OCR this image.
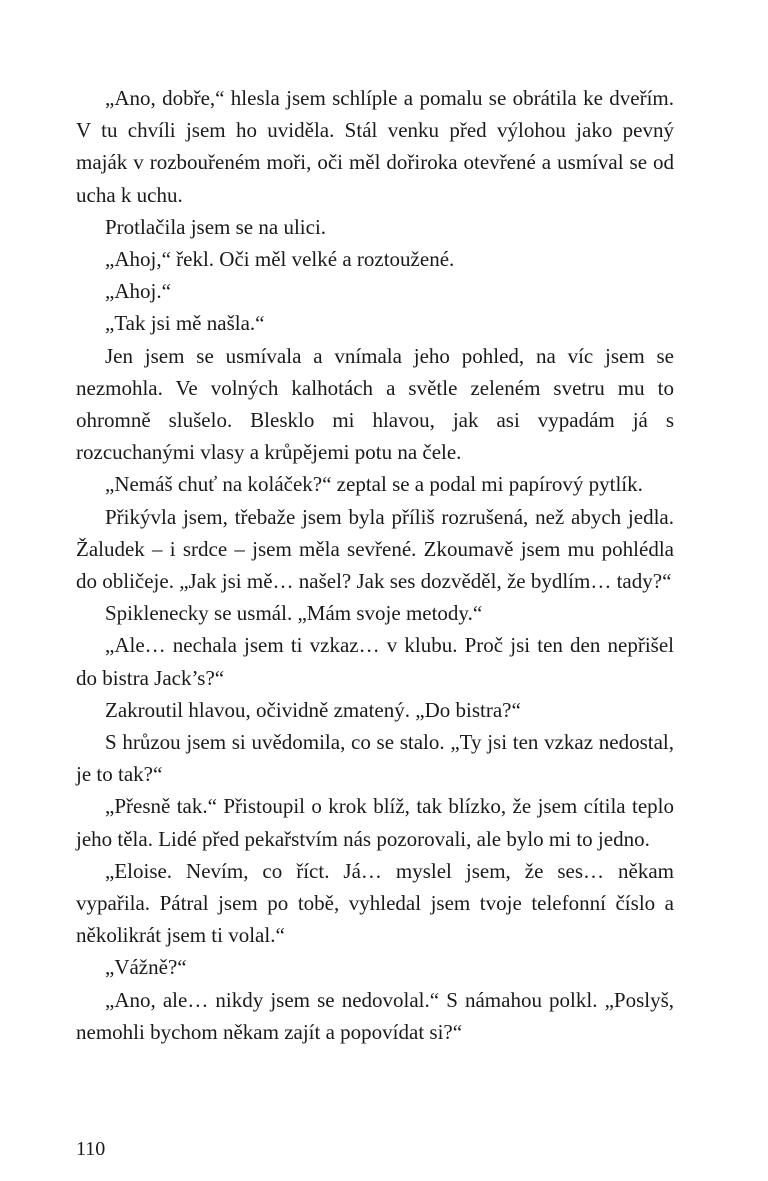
„Ano, dobře,“ hlesla jsem schlíple a pomalu se obrátila ke dveřím. V tu chvíli jsem ho uviděla. Stál venku před výlohou jako pevný maják v rozbouřeném moři, oči měl dořiroka otevřené a usmíval se od ucha k uchu.

Protlačila jsem se na ulici.

„Ahoj,“ řekl. Oči měl velké a roztoužené.

„Ahoj.“

„Tak jsi mě našla.“

Jen jsem se usmívala a vnímala jeho pohled, na víc jsem se nezmohla. Ve volných kalhotách a světle zeleném svetru mu to ohromně slušelo. Blesklo mi hlavou, jak asi vypadám já s rozcuchanými vlasy a krůpějemi potu na čele.

„Nemáš chuť na koláček?“ zeptal se a podal mi papírový pytlík.

Přikývla jsem, třebaže jsem byla příliš rozrušená, než abych jedla. Žaludek – i srdce – jsem měla sevřené. Zkoumavě jsem mu pohlédla do obličeje. „Jak jsi mě… našel? Jak ses dozvěděl, že bydlím… tady?“

Spiklenecky se usmál. „Mám svoje metody.“

„Ale… nechala jsem ti vzkaz… v klubu. Proč jsi ten den nepřišel do bistra Jack’s?“

Zakroutil hlavou, očividně zmatený. „Do bistra?“

S hrůzou jsem si uvědomila, co se stalo. „Ty jsi ten vzkaz nedostal, je to tak?“

„Přesně tak.“ Přistoupil o krok blíž, tak blízko, že jsem cítila teplo jeho těla. Lidé před pekařstvím nás pozorovali, ale bylo mi to jedno.

„Eloise. Nevím, co říct. Já… myslel jsem, že ses… někam vypařila. Pátral jsem po tobě, vyhledal jsem tvoje telefonní číslo a několikrát jsem ti volal.“

„Vážně?“

„Ano, ale… nikdy jsem se nedovolal.“ S námahou polkl. „Poslyš, nemohli bychom někam zajít a popovídat si?“

110
